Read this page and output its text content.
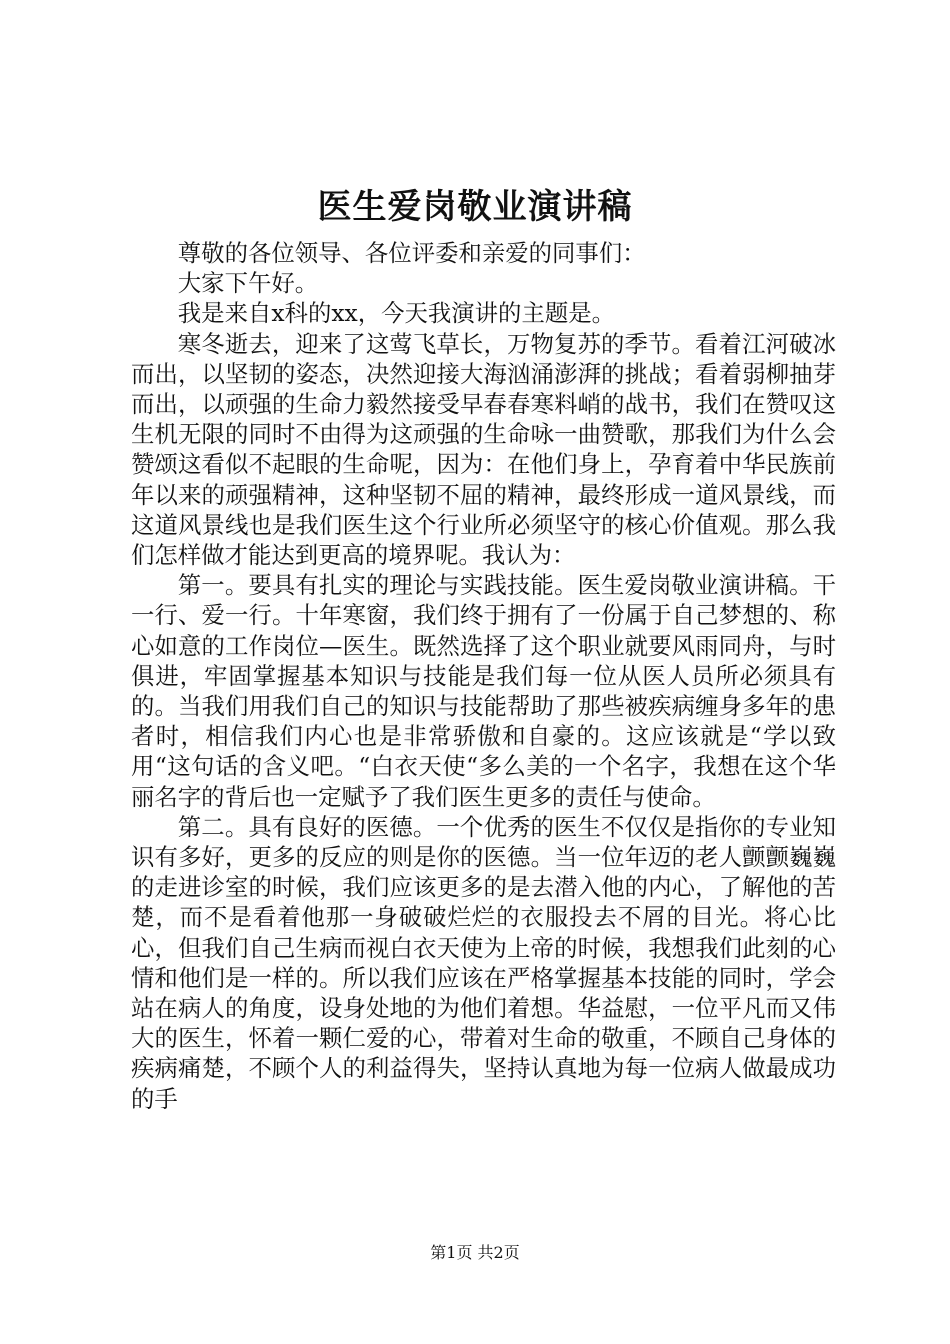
医生爱岗敬业演讲稿

尊敬的各位领导、各位评委和亲爱的同事们：

大家下午好。

我是来自x科的xx，今天我演讲的主题是。

寒冬逝去，迎来了这莺飞草长，万物复苏的季节。看着江河破冰而出，以坚韧的姿态，决然迎接大海汹涌澎湃的挑战；看着弱柳抽芽而出，以顽强的生命力毅然接受早春春寒料峭的战书，我们在赞叹这生机无限的同时不由得为这顽强的生命咏一曲赞歌，那我们为什么会赞颂这看似不起眼的生命呢，因为：在他们身上，孕育着中华民族前年以来的顽强精神，这种坚韧不屈的精神，最终形成一道风景线，而这道风景线也是我们医生这个行业所必须坚守的核心价值观。那么我们怎样做才能达到更高的境界呢。我认为：

第一。要具有扎实的理论与实践技能。医生爱岗敬业演讲稿。干一行、爱一行。十年寒窗，我们终于拥有了一份属于自己梦想的、称心如意的工作岗位—医生。既然选择了这个职业就要风雨同舟，与时俱进，牢固掌握基本知识与技能是我们每一位从医人员所必须具有的。当我们用我们自己的知识与技能帮助了那些被疾病缠身多年的患者时，相信我们内心也是非常骄傲和自豪的。这应该就是“学以致用“这句话的含义吧。“白衣天使“多么美的一个名字，我想在这个华丽名字的背后也一定赋予了我们医生更多的责任与使命。

第二。具有良好的医德。一个优秀的医生不仅仅是指你的专业知识有多好，更多的反应的则是你的医德。当一位年迈的老人颤颤巍巍的走进诊室的时候，我们应该更多的是去潜入他的内心，了解他的苦楚，而不是看着他那一身破破烂烂的衣服投去不屑的目光。将心比心，但我们自己生病而视白衣天使为上帝的时候，我想我们此刻的心情和他们是一样的。所以我们应该在严格掌握基本技能的同时，学会站在病人的角度，设身处地的为他们着想。华益慰，一位平凡而又伟大的医生，怀着一颗仁爱的心，带着对生命的敬重，不顾自己身体的疾病痛楚，不顾个人的利益得失，坚持认真地为每一位病人做最成功的手

第1页 共2页
